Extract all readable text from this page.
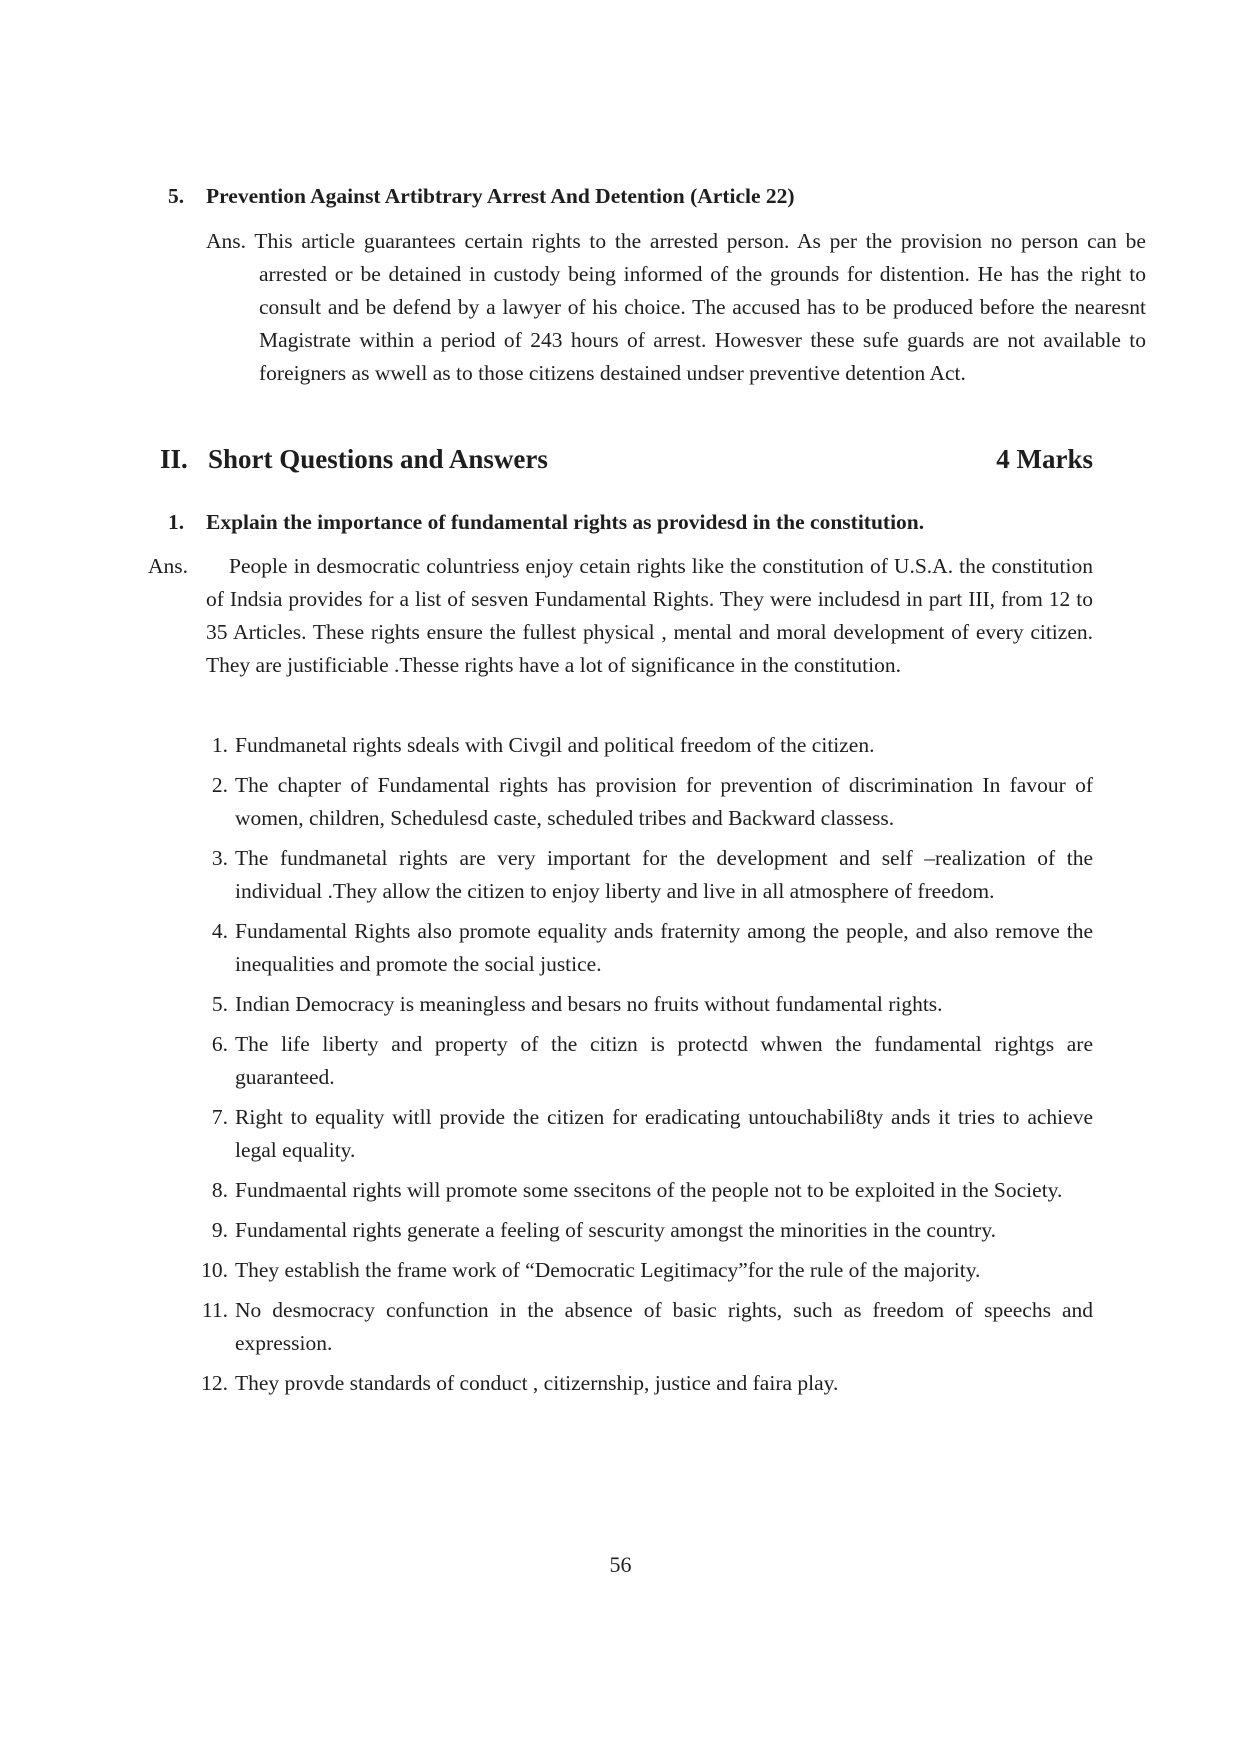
5. Prevention Against Artibtrary Arrest And Detention (Article 22)
Ans. This article guarantees certain rights to the arrested person. As per the provision no person can be arrested or be detained in custody being informed of the grounds for distention. He has the right to consult and be defend by a lawyer of his choice. The accused has to be produced before the nearesnt Magistrate within a period of 243 hours of arrest. Howesver these sufe guards are not available to foreigners as wwell as to those citizens destained undser preventive detention Act.
II. Short Questions and Answers	4 Marks
1. Explain the importance of fundamental rights as providesd in the constitution.
Ans.	People in desmocratic coluntriess enjoy cetain rights like the constitution of U.S.A. the constitution of Indsia provides for a list of sesven Fundamental Rights. They were includesd in part III, from 12 to 35 Articles. These rights ensure the fullest physical , mental and moral development of every citizen. They are justificiable .Thesse rights have a lot of significance in the constitution.
1. Fundmanetal rights sdeals with Civgil and political freedom of the citizen.
2. The chapter of Fundamental rights has provision for prevention of discrimination In favour of women, children, Schedulesd caste, scheduled tribes and Backward classess.
3. The fundmanetal rights are very important for the development and self –realization of the individual .They allow the citizen to enjoy liberty and live in all atmosphere of freedom.
4. Fundamental Rights also promote equality ands fraternity among the people, and also remove the inequalities and promote the social justice.
5. Indian Democracy is meaningless and besars no fruits without fundamental rights.
6. The life liberty and property of the citizn is protectd whwen the fundamental rightgs are guaranteed.
7. Right to equality witll provide the citizen for eradicating untouchabili8ty ands it tries to achieve legal equality.
8. Fundmaental rights will promote some ssecitons of the people not to be exploited in the Society.
9. Fundamental rights generate a feeling of sescurity amongst the minorities in the country.
10. They establish the frame work of “Democratic Legitimacy”for the rule of the majority.
11. No desmocracy confunction in the absence of basic rights, such as freedom of speechs and expression.
12. They provde standards of conduct , citizernship, justice and faira play.
56
